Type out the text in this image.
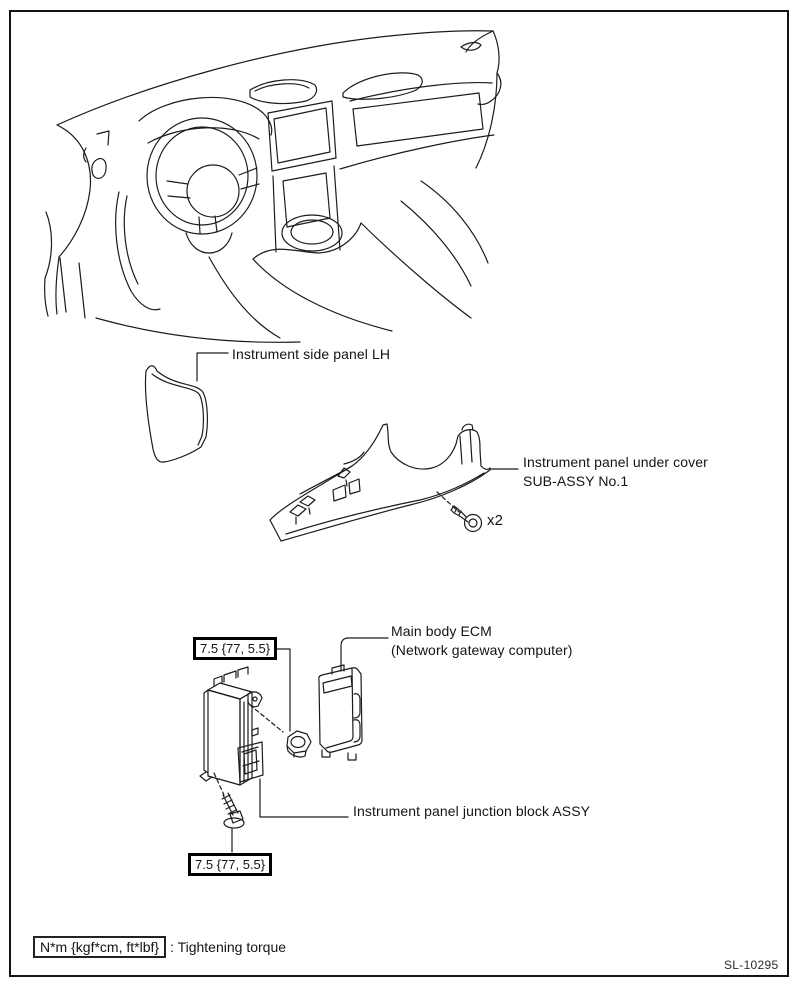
Instrument side panel LH
Instrument panel under cover
SUB-ASSY No.1
x2
Main body ECM
(Network gateway computer)
7.5 {77, 5.5}
Instrument panel junction block ASSY
7.5 {77, 5.5}
N*m {kgf*cm, ft*lbf} : Tightening torque
SL-10295
